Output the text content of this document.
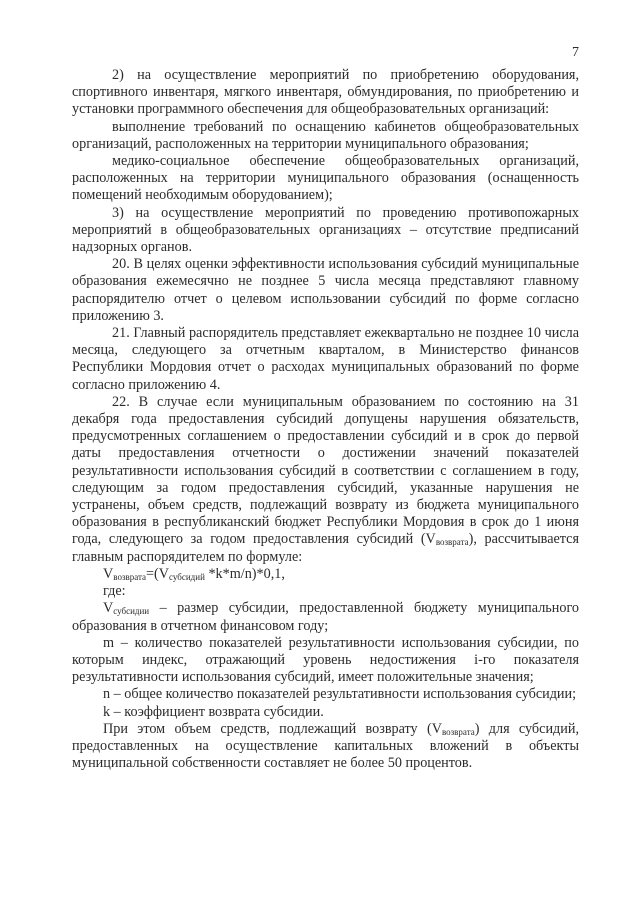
7

2) на осуществление мероприятий по приобретению оборудования, спортивного инвентаря, мягкого инвентаря, обмундирования, по приобретению и установки программного обеспечения для общеобразовательных организаций:

выполнение требований по оснащению кабинетов общеобразовательных организаций, расположенных на территории муниципального образования;

медико-социальное обеспечение общеобразовательных организаций, расположенных на территории муниципального образования (оснащенность помещений необходимым оборудованием);

3) на осуществление мероприятий по проведению противопожарных мероприятий в общеобразовательных организациях – отсутствие предписаний надзорных органов.

20. В целях оценки эффективности использования субсидий муниципальные образования ежемесячно не позднее 5 числа месяца представляют главному распорядителю отчет о целевом использовании субсидий по форме согласно приложению 3.

21. Главный распорядитель представляет ежеквартально не позднее 10 числа месяца, следующего за отчетным кварталом, в Министерство финансов Республики Мордовия отчет о расходах муниципальных образований по форме согласно приложению 4.

22. В случае если муниципальным образованием по состоянию на 31 декабря года предоставления субсидий допущены нарушения обязательств, предусмотренных соглашением о предоставлении субсидий и в срок до первой даты предоставления отчетности о достижении значений показателей результативности использования субсидий в соответствии с соглашением в году, следующим за годом предоставления субсидий, указанные нарушения не устранены, объем средств, подлежащий возврату из бюджета муниципального образования в республиканский бюджет Республики Мордовия в срок до 1 июня года, следующего за годом предоставления субсидий $(V_{возврата})$, рассчитывается главным распорядителем по формуле:

$V_{возврата}=(V_{субсидий}$ *k*m/n)*0,1,

где:

$V_{субсидии}$ – размер субсидии, предоставленной бюджету муниципального образования в отчетном финансовом году;

m – количество показателей результативности использования субсидии, по которым индекс, отражающий уровень недостижения i-го показателя результативности использования субсидий, имеет положительные значения;

n – общее количество показателей результативности использования субсидии;

k – коэффициент возврата субсидии.

При этом объем средств, подлежащий возврату $(V_{возврата})$ для субсидий, предоставленных на осуществление капитальных вложений в объекты муниципальной собственности составляет не более 50 процентов.
